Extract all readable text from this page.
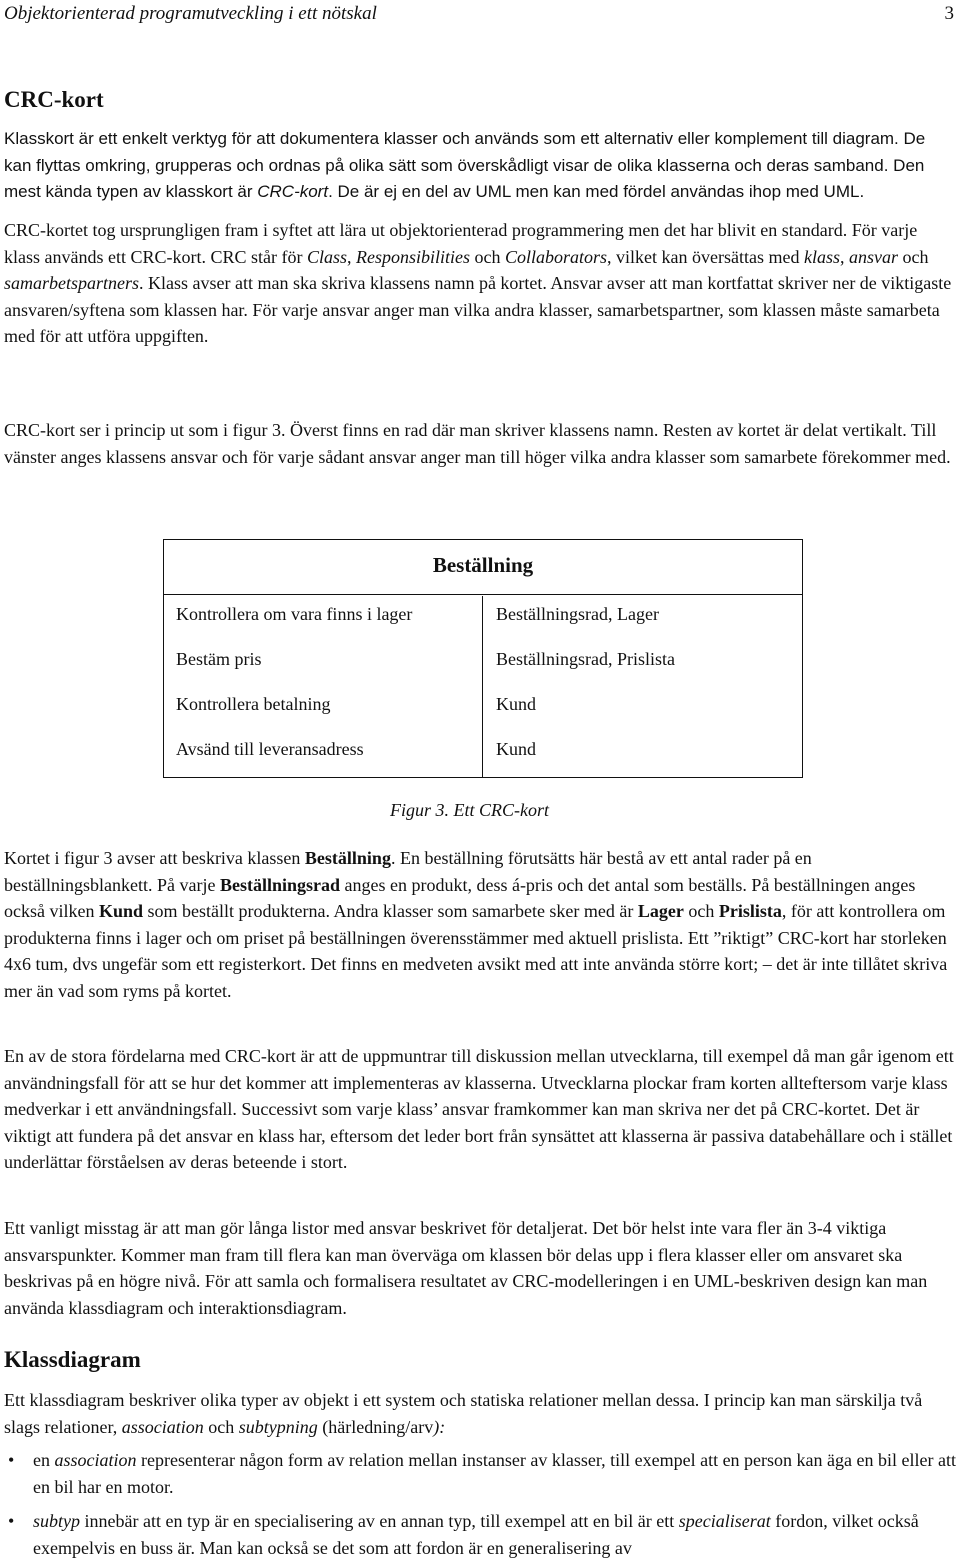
Objektorienterad programutveckling i ett nötskal	3
CRC-kort
Klasskort är ett enkelt verktyg för att dokumentera klasser och används som ett alternativ eller komplement till diagram. De kan flyttas omkring, grupperas och ordnas på olika sätt som överskådligt visar de olika klasserna och deras samband. Den mest kända typen av klasskort är CRC-kort. De är ej en del av UML men kan med fördel användas ihop med UML.
CRC-kortet tog ursprungligen fram i syftet att lära ut objektorienterad programmering men det har blivit en standard. För varje klass används ett CRC-kort. CRC står för Class, Responsibilities och Collaborators, vilket kan översättas med klass, ansvar och samarbetspartners. Klass avser att man ska skriva klassens namn på kortet. Ansvar avser att man kortfattat skriver ner de viktigaste ansvaren/syftena som klassen har. För varje ansvar anger man vilka andra klasser, samarbetspartner, som klassen måste samarbeta med för att utföra uppgiften.
CRC-kort ser i princip ut som i figur 3. Överst finns en rad där man skriver klassens namn. Resten av kortet är delat vertikalt. Till vänster anges klassens ansvar och för varje sådant ansvar anger man till höger vilka andra klasser som samarbete förekommer med.
Beställning
Kontrollera om vara finns i lager
Bestäm pris
Kontrollera betalning
Avsänd till leveransadress
Beställningsrad, Lager
Beställningsrad, Prislista
Kund
Kund
Figur 3. Ett CRC-kort
Kortet i figur 3 avser att beskriva klassen Beställning. En beställning förutsätts här bestå av ett antal rader på en beställningsblankett. På varje Beställningsrad anges en produkt, dess á-pris och det antal som beställs. På beställningen anges också vilken Kund som beställt produkterna. Andra klasser som samarbete sker med är Lager och Prislista, för att kontrollera om produkterna finns i lager och om priset på beställningen överensstämmer med aktuell prislista. Ett ”riktigt” CRC-kort har storleken 4x6 tum, dvs ungefär som ett registerkort. Det finns en medveten avsikt med att inte använda större kort; – det är inte tillåtet skriva mer än vad som ryms på kortet.
En av de stora fördelarna med CRC-kort är att de uppmuntrar till diskussion mellan utvecklarna, till exempel då man går igenom ett användningsfall för att se hur det kommer att implementeras av klasserna. Utvecklarna plockar fram korten allteftersom varje klass medverkar i ett användningsfall. Successivt som varje klass’ ansvar framkommer kan man skriva ner det på CRC-kortet. Det är viktigt att fundera på det ansvar en klass har, eftersom det leder bort från synsättet att klasserna är passiva databehållare och i stället underlättar förståelsen av deras beteende i stort.
Ett vanligt misstag är att man gör långa listor med ansvar beskrivet för detaljerat. Det bör helst inte vara fler än 3-4 viktiga ansvarspunkter. Kommer man fram till flera kan man överväga om klassen bör delas upp i flera klasser eller om ansvaret ska beskrivas på en högre nivå. För att samla och formalisera resultatet av CRC-modelleringen i en UML-beskriven design kan man använda klassdiagram och interaktionsdiagram.
Klassdiagram
Ett klassdiagram beskriver olika typer av objekt i ett system och statiska relationer mellan dessa. I princip kan man särskilja två slags relationer, association och subtypning (härledning/arv):
• en association representerar någon form av relation mellan instanser av klasser, till exempel att en person kan äga en bil eller att en bil har en motor.
• subtyp innebär att en typ är en specialisering av en annan typ, till exempel att en bil är ett specialiserat fordon, vilket också exempelvis en buss är. Man kan också se det som att fordon är en generalisering av
